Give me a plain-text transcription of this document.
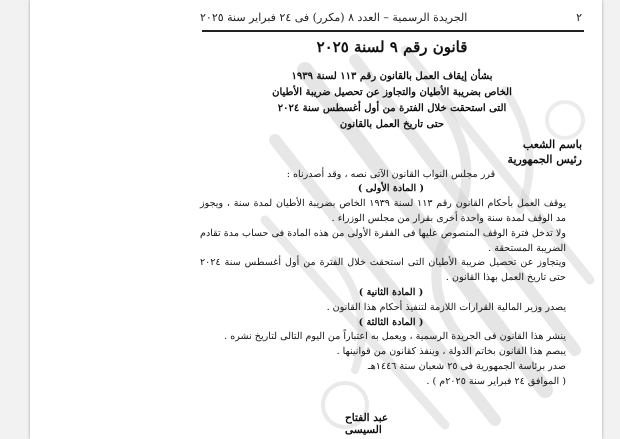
٢
الجريدة الرسمية – العدد ٨ (مكرر) فى ٢٤ فبراير سنة ٢٠٢٥
قانون رقم ٩ لسنة ٢٠٢٥
بشأن إيقاف العمل بالقانون رقم ١١٣ لسنة ١٩٣٩
الخاص بضريبة الأطيان والتجاوز عن تحصيل ضريبة الأطيان
التى استحقت خلال الفترة من أول أغسطس سنة ٢٠٢٤
حتى تاريخ العمل بالقانون

باسم الشعب

رئيس الجمهورية

قرر مجلس النواب القانون الآتى نصه ، وقد أصدرناه :

( المادة الأولى )

يوقف العمل بأحكام القانون رقم ١١٣ لسنة ١٩٣٩ الخاص بضريبة الأطيان لمدة سنة ، ويجوز مد الوقف لمدة سنة واحدة أخرى بقرار من مجلس الوزراء .

ولا تدخل فترة الوقف المنصوص عليها فى الفقرة الأولى من هذه المادة فى حساب مدة تقادم الضريبة المستحقة .

ويتجاوز عن تحصيل ضريبة الأطيان التى استحقت خلال الفترة من أول أغسطس سنة ٢٠٢٤ حتى تاريخ العمل بهذا القانون .

( المادة الثانية )

يصدر وزير المالية القرارات اللازمة لتنفيذ أحكام هذا القانون .

( المادة الثالثة )

ينشر هذا القانون فى الجريدة الرسمية ، ويعمل به اعتباراً من اليوم التالى لتاريخ نشره .

يبصم هذا القانون بخاتم الدولة ، وينفذ كقانون من قوانينها .

صدر برئاسة الجمهورية فى ٢٥ شعبان سنة ١٤٤٦هـ

( الموافق ٢٤ فبراير سنة ٢٠٢٥م ) .

عبد الفتاح السيسى
